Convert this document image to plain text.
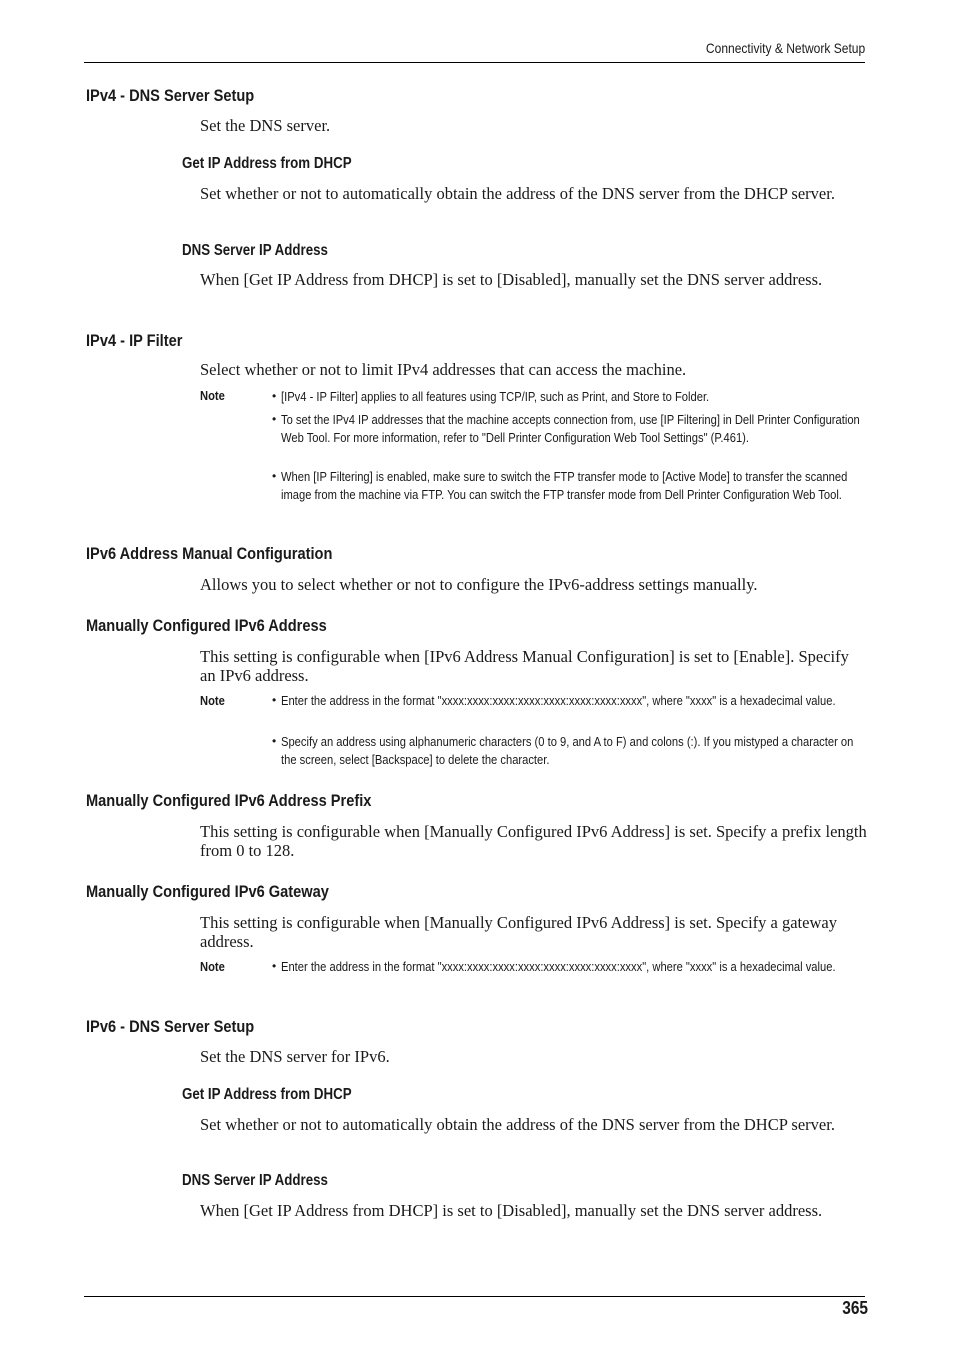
Connectivity & Network Setup
IPv4 - DNS Server Setup

Set the DNS server.

Get IP Address from DHCP

Set whether or not to automatically obtain the address of the DNS server from the DHCP server.

DNS Server IP Address

When [Get IP Address from DHCP] is set to [Disabled], manually set the DNS server address.

IPv4 - IP Filter

Select whether or not to limit IPv4 addresses that can access the machine.

Note	• [IPv4 - IP Filter] applies to all features using TCP/IP, such as Print, and Store to Folder.
• To set the IPv4 IP addresses that the machine accepts connection from, use [IP Filtering] in Dell Printer Configuration Web Tool. For more information, refer to "Dell Printer Configuration Web Tool Settings" (P.461).
• When [IP Filtering] is enabled, make sure to switch the FTP transfer mode to [Active Mode] to transfer the scanned image from the machine via FTP. You can switch the FTP transfer mode from Dell Printer Configuration Web Tool.
IPv6 Address Manual Configuration

Allows you to select whether or not to configure the IPv6-address settings manually.

Manually Configured IPv6 Address

This setting is configurable when [IPv6 Address Manual Configuration] is set to [Enable]. Specify an IPv6 address.

Note	• Enter the address in the format "xxxx:xxxx:xxxx:xxxx:xxxx:xxxx:xxxx:xxxx", where "xxxx" is a hexadecimal value.
• Specify an address using alphanumeric characters (0 to 9, and A to F) and colons (:). If you mistyped a character on the screen, select [Backspace] to delete the character.
Manually Configured IPv6 Address Prefix

This setting is configurable when [Manually Configured IPv6 Address] is set. Specify a prefix length from 0 to 128.

Manually Configured IPv6 Gateway

This setting is configurable when [Manually Configured IPv6 Address] is set. Specify a gateway address.

Note	• Enter the address in the format "xxxx:xxxx:xxxx:xxxx:xxxx:xxxx:xxxx:xxxx", where "xxxx" is a hexadecimal value.
IPv6 - DNS Server Setup

Set the DNS server for IPv6.

Get IP Address from DHCP

Set whether or not to automatically obtain the address of the DNS server from the DHCP server.

DNS Server IP Address

When [Get IP Address from DHCP] is set to [Disabled], manually set the DNS server address.

365
